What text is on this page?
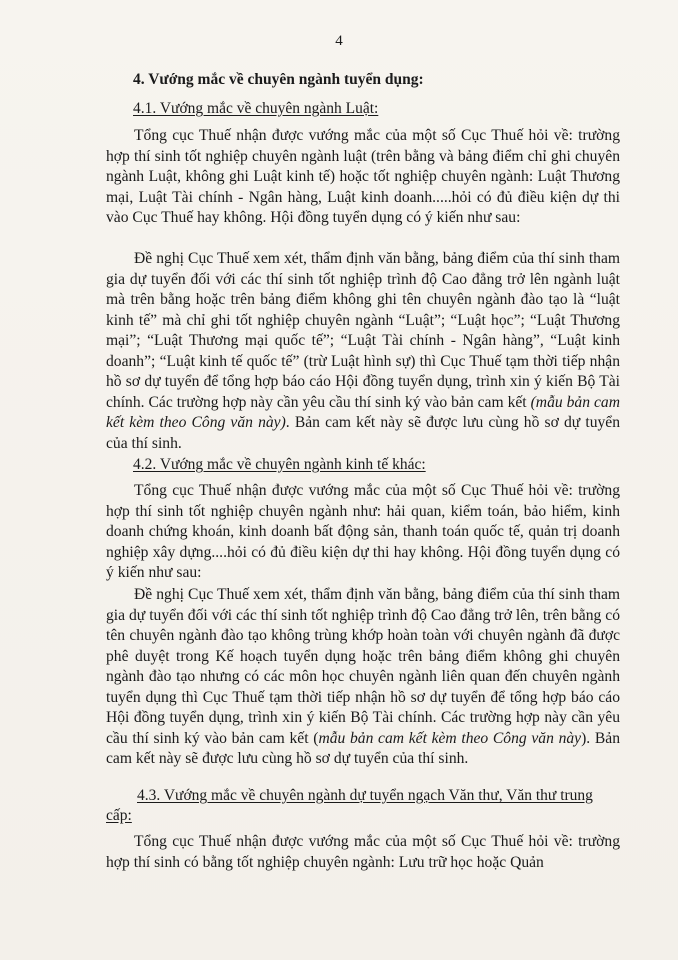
4
4. Vướng mắc về chuyên ngành tuyển dụng:
4.1. Vướng mắc về chuyên ngành Luật:

Tổng cục Thuế nhận được vướng mắc của một số Cục Thuế hỏi về: trường hợp thí sinh tốt nghiệp chuyên ngành luật (trên bằng và bảng điểm chỉ ghi chuyên ngành Luật, không ghi Luật kinh tế) hoặc tốt nghiệp chuyên ngành: Luật Thương mại, Luật Tài chính - Ngân hàng, Luật kinh doanh.....hỏi có đủ điều kiện dự thi vào Cục Thuế hay không. Hội đồng tuyển dụng có ý kiến như sau:

Đề nghị Cục Thuế xem xét, thẩm định văn bằng, bảng điểm của thí sinh tham gia dự tuyển đối với các thí sinh tốt nghiệp trình độ Cao đẳng trở lên ngành luật mà trên bằng hoặc trên bảng điểm không ghi tên chuyên ngành đào tạo là “luật kinh tế” mà chỉ ghi tốt nghiệp chuyên ngành “Luật”; “Luật học”; “Luật Thương mại”; “Luật Thương mại quốc tế”; “Luật Tài chính - Ngân hàng”, “Luật kinh doanh”; “Luật kinh tế quốc tế” (trừ Luật hình sự) thì Cục Thuế tạm thời tiếp nhận hồ sơ dự tuyển để tổng hợp báo cáo Hội đồng tuyển dụng, trình xin ý kiến Bộ Tài chính. Các trường hợp này cần yêu cầu thí sinh ký vào bản cam kết (mẫu bản cam kết kèm theo Công văn này). Bản cam kết này sẽ được lưu cùng hồ sơ dự tuyển của thí sinh.

4.2. Vướng mắc về chuyên ngành kinh tế khác:

Tổng cục Thuế nhận được vướng mắc của một số Cục Thuế hỏi về: trường hợp thí sinh tốt nghiệp chuyên ngành như: hải quan, kiểm toán, bảo hiểm, kinh doanh chứng khoán, kinh doanh bất động sản, thanh toán quốc tế, quản trị doanh nghiệp xây dựng....hỏi có đủ điều kiện dự thi hay không. Hội đồng tuyển dụng có ý kiến như sau:

Đề nghị Cục Thuế xem xét, thẩm định văn bằng, bảng điểm của thí sinh tham gia dự tuyển đối với các thí sinh tốt nghiệp trình độ Cao đẳng trở lên, trên bằng có tên chuyên ngành đào tạo không trùng khớp hoàn toàn với chuyên ngành đã được phê duyệt trong Kế hoạch tuyển dụng hoặc trên bảng điểm không ghi chuyên ngành đào tạo nhưng có các môn học chuyên ngành liên quan đến chuyên ngành tuyển dụng thì Cục Thuế tạm thời tiếp nhận hồ sơ dự tuyển để tổng hợp báo cáo Hội đồng tuyển dụng, trình xin ý kiến Bộ Tài chính. Các trường hợp này cần yêu cầu thí sinh ký vào bản cam kết (mẫu bản cam kết kèm theo Công văn này). Bản cam kết này sẽ được lưu cùng hồ sơ dự tuyển của thí sinh.

4.3. Vướng mắc về chuyên ngành dự tuyển ngạch Văn thư, Văn thư trung
cấp:

Tổng cục Thuế nhận được vướng mắc của một số Cục Thuế hỏi về: trường hợp thí sinh có bằng tốt nghiệp chuyên ngành: Lưu trữ học hoặc Quản
